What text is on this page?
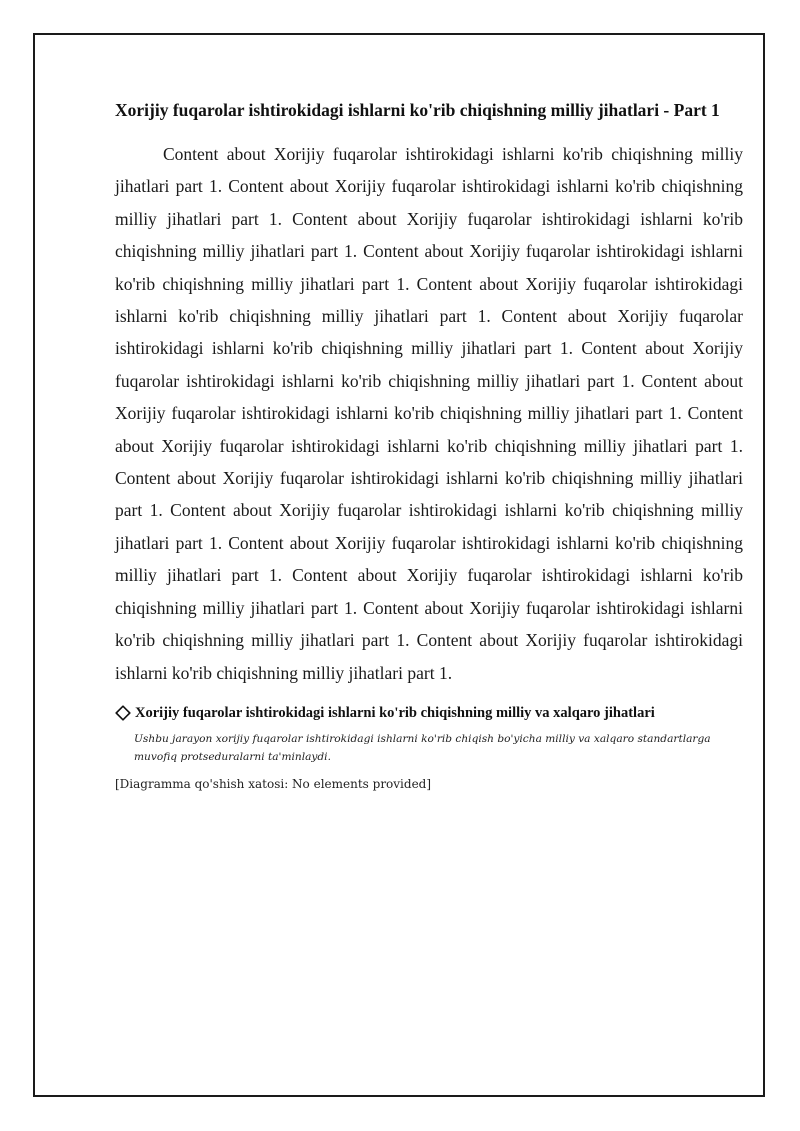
Xorijiy fuqarolar ishtirokidagi ishlarni ko'rib chiqishning milliy jihatlari - Part 1

Content about Xorijiy fuqarolar ishtirokidagi ishlarni ko'rib chiqishning milliy jihatlari part 1. Content about Xorijiy fuqarolar ishtirokidagi ishlarni ko'rib chiqishning milliy jihatlari part 1. Content about Xorijiy fuqarolar ishtirokidagi ishlarni ko'rib chiqishning milliy jihatlari part 1. Content about Xorijiy fuqarolar ishtirokidagi ishlarni ko'rib chiqishning milliy jihatlari part 1. Content about Xorijiy fuqarolar ishtirokidagi ishlarni ko'rib chiqishning milliy jihatlari part 1. Content about Xorijiy fuqarolar ishtirokidagi ishlarni ko'rib chiqishning milliy jihatlari part 1. Content about Xorijiy fuqarolar ishtirokidagi ishlarni ko'rib chiqishning milliy jihatlari part 1. Content about Xorijiy fuqarolar ishtirokidagi ishlarni ko'rib chiqishning milliy jihatlari part 1. Content about Xorijiy fuqarolar ishtirokidagi ishlarni ko'rib chiqishning milliy jihatlari part 1. Content about Xorijiy fuqarolar ishtirokidagi ishlarni ko'rib chiqishning milliy jihatlari part 1. Content about Xorijiy fuqarolar ishtirokidagi ishlarni ko'rib chiqishning milliy jihatlari part 1. Content about Xorijiy fuqarolar ishtirokidagi ishlarni ko'rib chiqishning milliy jihatlari part 1. Content about Xorijiy fuqarolar ishtirokidagi ishlarni ko'rib chiqishning milliy jihatlari part 1. Content about Xorijiy fuqarolar ishtirokidagi ishlarni ko'rib chiqishning milliy jihatlari part 1. Content about Xorijiy fuqarolar ishtirokidagi ishlarni ko'rib chiqishning milliy jihatlari part 1.

Xorijiy fuqarolar ishtirokidagi ishlarni ko'rib chiqishning milliy va xalqaro jihatlari
Ushbu jarayon xorijiy fuqarolar ishtirokidagi ishlarni ko'rib chiqish bo'yicha milliy va xalqaro standartlarga muvofiq protseduralarni ta'minlaydi.
[Diagramma qo'shish xatosi: No elements provided]
